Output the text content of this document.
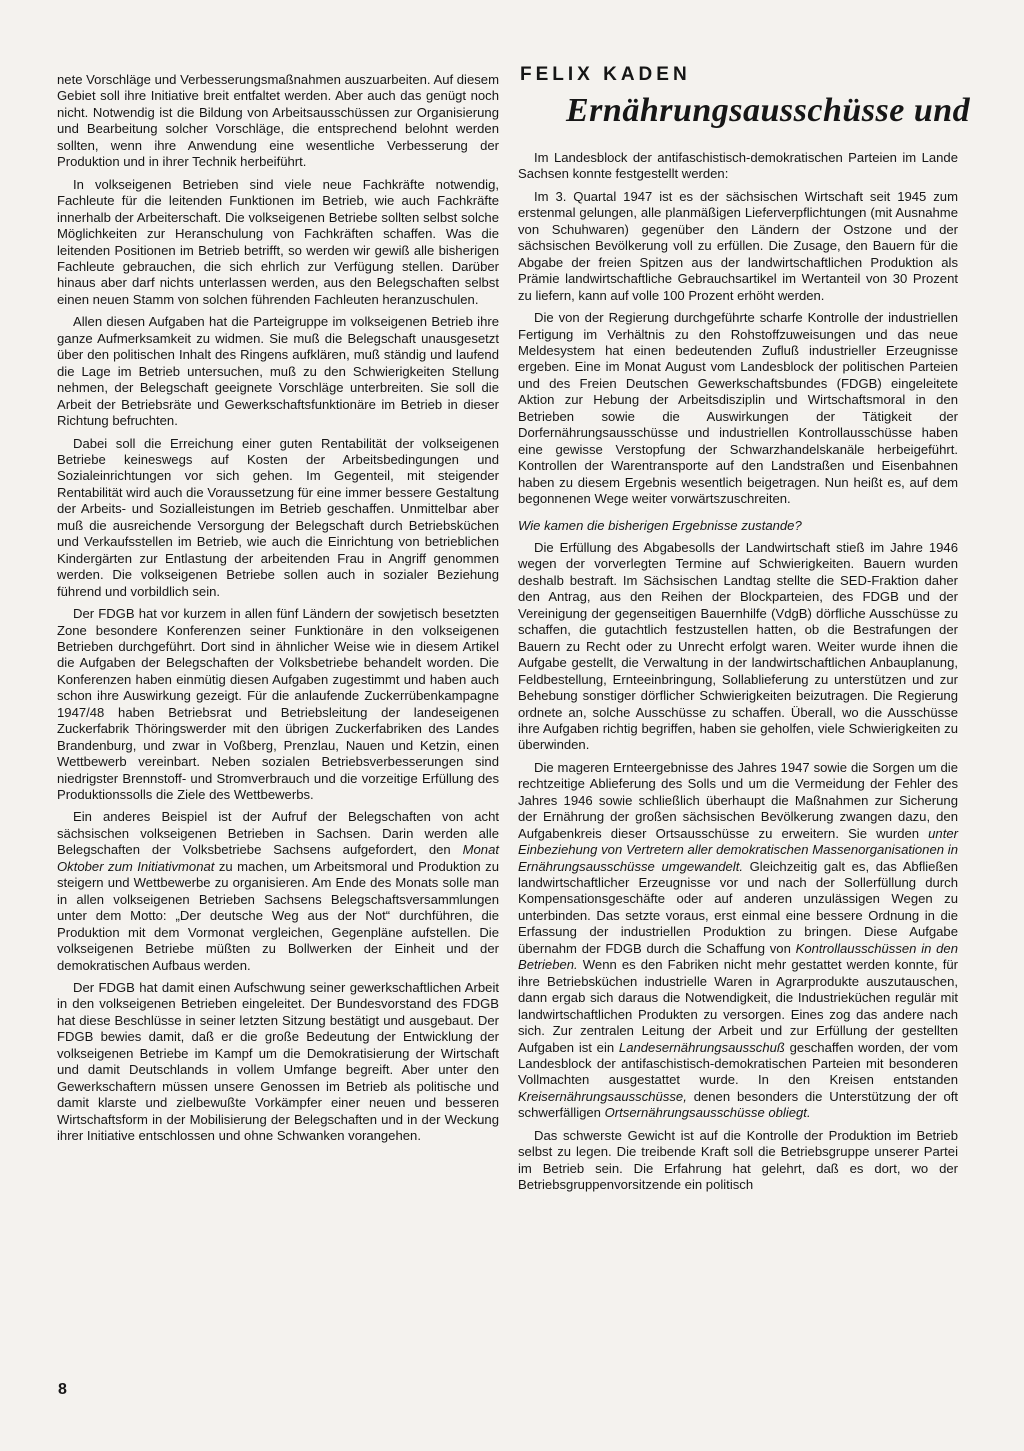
nete Vorschläge und Verbesserungsmaßnahmen auszuarbeiten. Auf diesem Gebiet soll ihre Initiative breit entfaltet werden. Aber auch das genügt noch nicht. Notwendig ist die Bildung von Arbeitsausschüssen zur Organisierung und Bearbeitung solcher Vorschläge, die entsprechend belohnt werden sollten, wenn ihre Anwendung eine wesentliche Verbesserung der Produktion und in ihrer Technik herbeiführt.

In volkseigenen Betrieben sind viele neue Fachkräfte notwendig, Fachleute für die leitenden Funktionen im Betrieb, wie auch Fachkräfte innerhalb der Arbeiterschaft. Die volkseigenen Betriebe sollten selbst solche Möglichkeiten zur Heranschulung von Fachkräften schaffen. Was die leitenden Positionen im Betrieb betrifft, so werden wir gewiß alle bisherigen Fachleute gebrauchen, die sich ehrlich zur Verfügung stellen. Darüber hinaus aber darf nichts unterlassen werden, aus den Belegschaften selbst einen neuen Stamm von solchen führenden Fachleuten heranzuschulen.

Allen diesen Aufgaben hat die Parteigruppe im volkseigenen Betrieb ihre ganze Aufmerksamkeit zu widmen. Sie muß die Belegschaft unausgesetzt über den politischen Inhalt des Ringens aufklären, muß ständig und laufend die Lage im Betrieb untersuchen, muß zu den Schwierigkeiten Stellung nehmen, der Belegschaft geeignete Vorschläge unterbreiten. Sie soll die Arbeit der Betriebsräte und Gewerkschaftsfunktionäre im Betrieb in dieser Richtung befruchten.

Dabei soll die Erreichung einer guten Rentabilität der volkseigenen Betriebe keineswegs auf Kosten der Arbeitsbedingungen und Sozialeinrichtungen vor sich gehen. Im Gegenteil, mit steigender Rentabilität wird auch die Voraussetzung für eine immer bessere Gestaltung der Arbeits- und Sozialleistungen im Betrieb geschaffen. Unmittelbar aber muß die ausreichende Versorgung der Belegschaft durch Betriebsküchen und Verkaufsstellen im Betrieb, wie auch die Einrichtung von betrieblichen Kindergärten zur Entlastung der arbeitenden Frau in Angriff genommen werden. Die volkseigenen Betriebe sollen auch in sozialer Beziehung führend und vorbildlich sein.

Der FDGB hat vor kurzem in allen fünf Ländern der sowjetisch besetzten Zone besondere Konferenzen seiner Funktionäre in den volkseigenen Betrieben durchgeführt. Dort sind in ähnlicher Weise wie in diesem Artikel die Aufgaben der Belegschaften der Volksbetriebe behandelt worden. Die Konferenzen haben einmütig diesen Aufgaben zugestimmt und haben auch schon ihre Auswirkung gezeigt. Für die anlaufende Zuckerrübenkampagne 1947/48 haben Betriebsrat und Betriebsleitung der landeseigenen Zuckerfabrik Thöringswerder mit den übrigen Zuckerfabriken des Landes Brandenburg, und zwar in Voßberg, Prenzlau, Nauen und Ketzin, einen Wettbewerb vereinbart. Neben sozialen Betriebsverbesserungen sind niedrigster Brennstoff- und Stromverbrauch und die vorzeitige Erfüllung des Produktionssolls die Ziele des Wettbewerbs.

Ein anderes Beispiel ist der Aufruf der Belegschaften von acht sächsischen volkseigenen Betrieben in Sachsen. Darin werden alle Belegschaften der Volksbetriebe Sachsens aufgefordert, den Monat Oktober zum Initiativmonat zu machen, um Arbeitsmoral und Produktion zu steigern und Wettbewerbe zu organisieren. Am Ende des Monats solle man in allen volkseigenen Betrieben Sachsens Belegschaftsversammlungen unter dem Motto: „Der deutsche Weg aus der Not“ durchführen, die Produktion mit dem Vormonat vergleichen, Gegenpläne aufstellen. Die volkseigenen Betriebe müßten zu Bollwerken der Einheit und der demokratischen Aufbaus werden.

Der FDGB hat damit einen Aufschwung seiner gewerkschaftlichen Arbeit in den volkseigenen Betrieben eingeleitet. Der Bundesvorstand des FDGB hat diese Beschlüsse in seiner letzten Sitzung bestätigt und ausgebaut. Der FDGB bewies damit, daß er die große Bedeutung der Entwicklung der volkseigenen Betriebe im Kampf um die Demokratisierung der Wirtschaft und damit Deutschlands in vollem Umfange begreift. Aber unter den Gewerkschaftern müssen unsere Genossen im Betrieb als politische und damit klarste und zielbewußte Vorkämpfer einer neuen und besseren Wirtschaftsform in der Mobilisierung der Belegschaften und in der Weckung ihrer Initiative entschlossen und ohne Schwanken vorangehen.

FELIX KADEN
Ernährungsausschüsse und

Im Landesblock der antifaschistisch-demokratischen Parteien im Lande Sachsen konnte festgestellt werden:

Im 3. Quartal 1947 ist es der sächsischen Wirtschaft seit 1945 zum erstenmal gelungen, alle planmäßigen Lieferverpflichtungen (mit Ausnahme von Schuhwaren) gegenüber den Ländern der Ostzone und der sächsischen Bevölkerung voll zu erfüllen. Die Zusage, den Bauern für die Abgabe der freien Spitzen aus der landwirtschaftlichen Produktion als Prämie landwirtschaftliche Gebrauchsartikel im Wertanteil von 30 Prozent zu liefern, kann auf volle 100 Prozent erhöht werden.

Die von der Regierung durchgeführte scharfe Kontrolle der industriellen Fertigung im Verhältnis zu den Rohstoffzuweisungen und das neue Meldesystem hat einen bedeutenden Zufluß industrieller Erzeugnisse ergeben. Eine im Monat August vom Landesblock der politischen Parteien und des Freien Deutschen Gewerkschaftsbundes (FDGB) eingeleitete Aktion zur Hebung der Arbeitsdisziplin und Wirtschaftsmoral in den Betrieben sowie die Auswirkungen der Tätigkeit der Dorfernährungsausschüsse und industriellen Kontrollausschüsse haben eine gewisse Verstopfung der Schwarzhandelskanäle herbeigeführt. Kontrollen der Warentransporte auf den Landstraßen und Eisenbahnen haben zu diesem Ergebnis wesentlich beigetragen. Nun heißt es, auf dem begonnenen Wege weiter vorwärtszuschreiten.

Wie kamen die bisherigen Ergebnisse zustande?

Die Erfüllung des Abgabesolls der Landwirtschaft stieß im Jahre 1946 wegen der vorverlegten Termine auf Schwierigkeiten. Bauern wurden deshalb bestraft. Im Sächsischen Landtag stellte die SED-Fraktion daher den Antrag, aus den Reihen der Blockparteien, des FDGB und der Vereinigung der gegenseitigen Bauernhilfe (VdgB) dörfliche Ausschüsse zu schaffen, die gutachtlich festzustellen hatten, ob die Bestrafungen der Bauern zu Recht oder zu Unrecht erfolgt waren. Weiter wurde ihnen die Aufgabe gestellt, die Verwaltung in der landwirtschaftlichen Anbauplanung, Feldbestellung, Ernteeinbringung, Sollablieferung zu unterstützen und zur Behebung sonstiger dörflicher Schwierigkeiten beizutragen. Die Regierung ordnete an, solche Ausschüsse zu schaffen. Überall, wo die Ausschüsse ihre Aufgaben richtig begriffen, haben sie geholfen, viele Schwierigkeiten zu überwinden.

Die mageren Ernteergebnisse des Jahres 1947 sowie die Sorgen um die rechtzeitige Ablieferung des Solls und um die Vermeidung der Fehler des Jahres 1946 sowie schließlich überhaupt die Maßnahmen zur Sicherung der Ernährung der großen sächsischen Bevölkerung zwangen dazu, den Aufgabenkreis dieser Ortsausschüsse zu erweitern. Sie wurden unter Einbeziehung von Vertretern aller demokratischen Massenorganisationen in Ernährungsausschüsse umgewandelt. Gleichzeitig galt es, das Abfließen landwirtschaftlicher Erzeugnisse vor und nach der Sollerfüllung durch Kompensationsgeschäfte oder auf anderen unzulässigen Wegen zu unterbinden. Das setzte voraus, erst einmal eine bessere Ordnung in die Erfassung der industriellen Produktion zu bringen. Diese Aufgabe übernahm der FDGB durch die Schaffung von Kontrollausschüssen in den Betrieben. Wenn es den Fabriken nicht mehr gestattet werden konnte, für ihre Betriebsküchen industrielle Waren in Agrarprodukte auszutauschen, dann ergab sich daraus die Notwendigkeit, die Industrieküchen regulär mit landwirtschaftlichen Produkten zu versorgen. Eines zog das andere nach sich. Zur zentralen Leitung der Arbeit und zur Erfüllung der gestellten Aufgaben ist ein Landesernährungsausschuß geschaffen worden, der vom Landesblock der antifaschistisch-demokratischen Parteien mit besonderen Vollmachten ausgestattet wurde. In den Kreisen entstanden Kreisernährungsausschüsse, denen besonders die Unterstützung der oft schwerfälligen Ortsernährungsausschüsse obliegt.

Das schwerste Gewicht ist auf die Kontrolle der Produktion im Betrieb selbst zu legen. Die treibende Kraft soll die Betriebsgruppe unserer Partei im Betrieb sein. Die Erfahrung hat gelehrt, daß es dort, wo der Betriebsgruppenvorsitzende ein politisch

8
